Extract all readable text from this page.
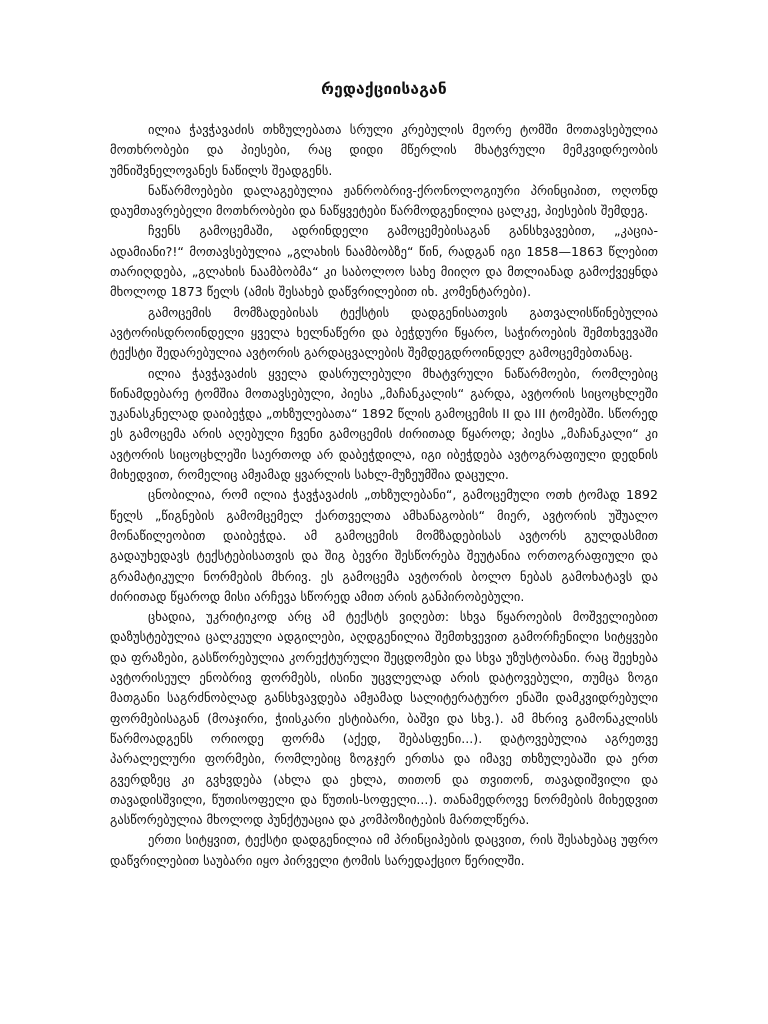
რედაქციისაგან

ილია ჭავჭავაძის თხზულებათა სრული კრებულის მეორე ტომში მოთავსებულია მოთხრობები და პიესები, რაც დიდი მწერლის მხატვრული მემკვიდრეობის უმნიშვნელოვანეს ნაწილს შეადგენს.

ნაწარმოებები დალაგებულია ჟანრობრივ-ქრონოლოგიური პრინციპით, ოღონდ დაუმთავრებელი მოთხრობები და ნაწყვეტები წარმოდგენილია ცალკე, პიესების შემდეგ.

ჩვენს გამოცემაში, ადრინდელი გამოცემებისაგან განსხვავებით, „კაცია-ადამიანი?!“ მოთავსებულია „გლახის ნაამბობზე“ წინ, რადგან იგი 1858—1863 წლებით თარიღდება, „გლახის ნაამბობმა“ კი საბოლოო სახე მიიღო და მთლიანად გამოქვეყნდა მხოლოდ 1873 წელს (ამის შესახებ დაწვრილებით იხ. კომენტარები).

გამოცემის მომზადებისას ტექსტის დადგენისათვის გათვალისწინებულია ავტორისდროინდელი ყველა ხელნაწერი და ბეჭდური წყარო, საჭიროების შემთხვევაში ტექსტი შედარებულია ავტორის გარდაცვალების შემდეგდროინდელ გამოცემებთანაც.

ილია ჭავჭავაძის ყველა დასრულებული მხატვრული ნაწარმოები, რომლებიც წინამდებარე ტომშია მოთავსებული, პიესა „მაჩანკალის“ გარდა, ავტორის სიცოცხლეში უკანასკნელად დაიბეჭდა „თხზულებათა“ 1892 წლის გამოცემის II და III ტომებში. სწორედ ეს გამოცემა არის აღებული ჩვენი გამოცემის ძირითად წყაროდ; პიესა „მაჩანკალი“ კი ავტორის სიცოცხლეში საერთოდ არ დაბეჭდილა, იგი იბეჭდება ავტოგრაფიული დედნის მიხედვით, რომელიც ამჟამად ყვარლის სახლ-მუზეუმშია დაცული.

ცნობილია, რომ ილია ჭავჭავაძის „თხზულებანი“, გამოცემული ოთხ ტომად 1892 წელს „წიგნების გამომცემელ ქართველთა ამხანაგობის“ მიერ, ავტორის უშუალო მონაწილეობით დაიბეჭდა. ამ გამოცემის მომზადებისას ავტორს გულდასმით გადაუხედავს ტექსტებისათვის და შიგ ბევრი შესწორება შეუტანია ორთოგრაფიული და გრამატიკული ნორმების მხრივ. ეს გამოცემა ავტორის ბოლო ნებას გამოხატავს და ძირითად წყაროდ მისი არჩევა სწორედ ამით არის განპირობებული.

ცხადია, უკრიტიკოდ არც ამ ტექსტს ვიღებთ: სხვა წყაროების მოშველიებით დაზუსტებულია ცალკეული ადგილები, აღდგენილია შემთხვევით გამორჩენილი სიტყვები და ფრაზები, გასწორებულია კორექტურული შეცდომები და სხვა უზუსტობანი. რაც შეეხება ავტორისეულ ენობრივ ფორმებს, ისინი უცვლელად არის დატოვებული, თუმცა ზოგი მათგანი საგრძნობლად განსხვავდება ამჟამად სალიტერატურო ენაში დამკვიდრებული ფორმებისაგან (მოაჯირი, ჭიისკარი ესტიბარი, ბაშვი და სხვ.). ამ მხრივ გამონაკლისს წარმოადგენს ორიოდე ფორმა (აქედ, შებასფენი...). დატოვებულია აგრეთვე პარალელური ფორმები, რომლებიც ზოგჯერ ერთსა და იმავე თხზულებაში და ერთ გვერდზეც კი გვხვდება (ახლა და ეხლა, თითონ და თვითონ, თავადიშვილი და თავადისშვილი, წუთისოფელი და წუთის-სოფელი...). თანამედროვე ნორმების მიხედვით გასწორებულია მხოლოდ პუნქტუაცია და კომპოზიტების მართლწერა.

ერთი სიტყვით, ტექსტი დადგენილია იმ პრინციპების დაცვით, რის შესახებაც უფრო დაწვრილებით საუბარი იყო პირველი ტომის სარედაქციო წერილში.
